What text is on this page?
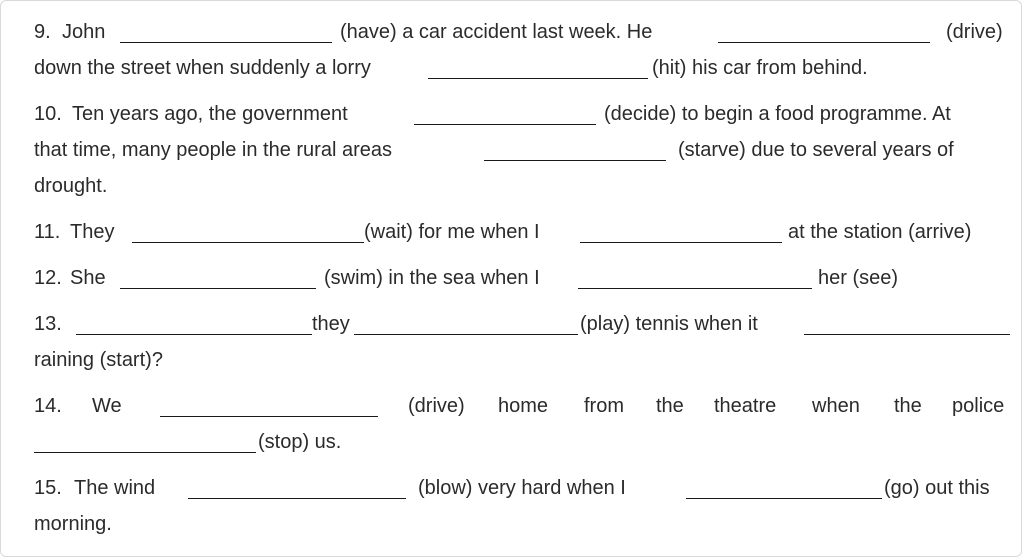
9. John	(have) a car accident last week. He	(drive)
down the street when suddenly a lorry	(hit) his car from behind.
10. Ten years ago, the government	(decide) to begin a food programme. At
that time, many people in the rural areas	(starve) due to several years of
drought.
11. They	(wait) for me when I	at the station (arrive)
12. She	(swim) in the sea when I	her (see)
13.	they	(play) tennis when it
raining (start)?
14. We	(drive) home from the theatre when the police
(stop) us.
15. The wind	(blow) very hard when I	(go) out this
morning.
